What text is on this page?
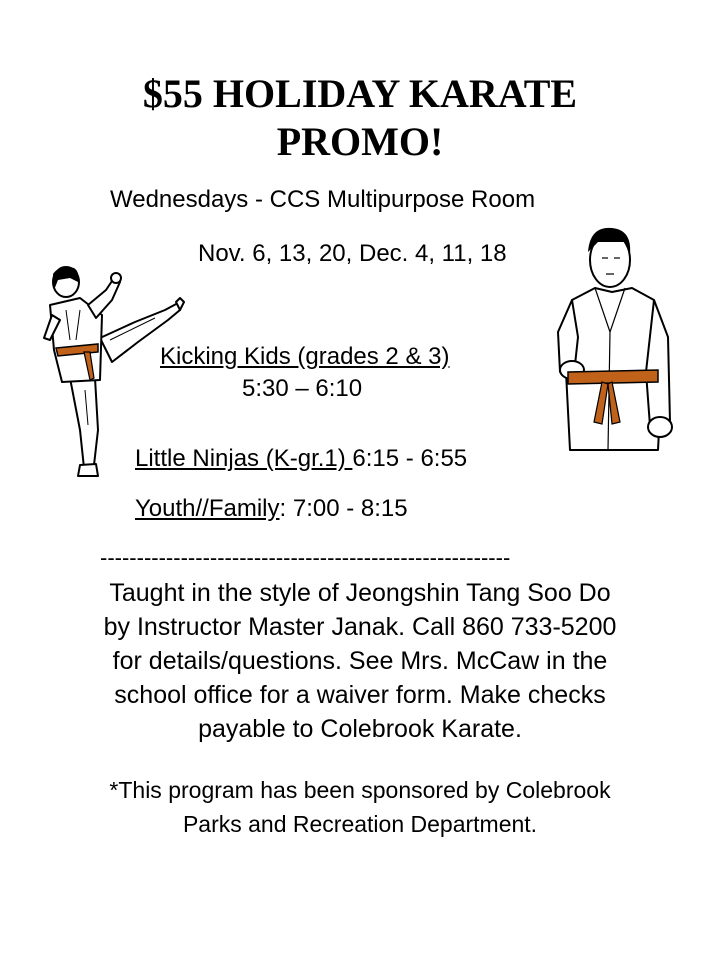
$55 HOLIDAY KARATE
PROMO!
Wednesdays - CCS Multipurpose Room
Nov. 6, 13, 20, Dec. 4, 11, 18
Kicking Kids (grades 2 & 3)
5:30 – 6:10
Little Ninjas (K-gr.1) 6:15 - 6:55
Youth//Family: 7:00 - 8:15
--------------------------------------------------------
Taught in the style of Jeongshin Tang Soo Do
by Instructor Master Janak. Call 860 733-5200
for details/questions. See Mrs. McCaw in the
school office for a waiver form. Make checks
payable to Colebrook Karate.
*This program has been sponsored by Colebrook
Parks and Recreation Department.
